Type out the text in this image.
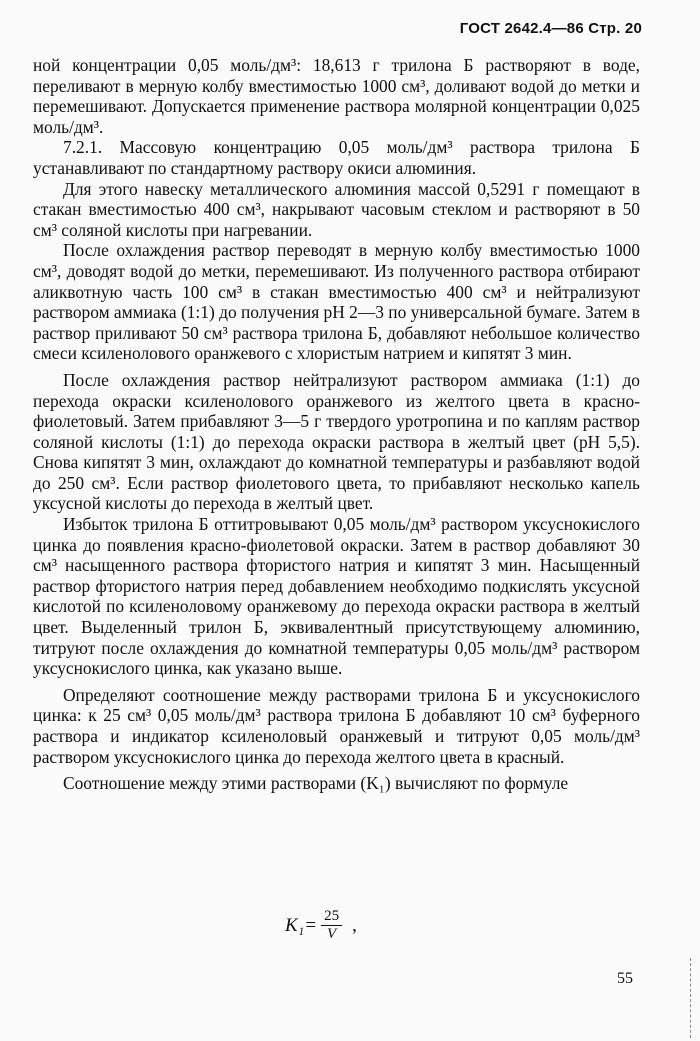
ГОСТ 2642.4—86 Стр. 20

ной концентрации 0,05 моль/дм³: 18,613 г трилона Б растворяют в воде, переливают в мерную колбу вместимостью 1000 см³, доливают водой до метки и перемешивают. Допускается применение раствора молярной концентрации 0,025 моль/дм³.

7.2.1. Массовую концентрацию 0,05 моль/дм³ раствора трилона Б устанавливают по стандартному раствору окиси алюминия.

Для этого навеску металлического алюминия массой 0,5291 г помещают в стакан вместимостью 400 см³, накрывают часовым стеклом и растворяют в 50 см³ соляной кислоты при нагревании.

После охлаждения раствор переводят в мерную колбу вместимостью 1000 см³, доводят водой до метки, перемешивают. Из полученного раствора отбирают аликвотную часть 100 см³ в стакан вместимостью 400 см³ и нейтрализуют раствором аммиака (1:1) до получения pH 2—3 по универсальной бумаге. Затем в раствор приливают 50 см³ раствора трилона Б, добавляют небольшое количество смеси ксиленолового оранжевого с хлористым натрием и кипятят 3 мин.

После охлаждения раствор нейтрализуют раствором аммиака (1:1) до перехода окраски ксиленолового оранжевого из желтого цвета в красно-фиолетовый. Затем прибавляют 3—5 г твердого уротропина и по каплям раствор соляной кислоты (1:1) до перехода окраски раствора в желтый цвет (pH 5,5). Снова кипятят 3 мин, охлаждают до комнатной температуры и разбавляют водой до 250 см³. Если раствор фиолетового цвета, то прибавляют несколько капель уксусной кислоты до перехода в желтый цвет.

Избыток трилона Б оттитровывают 0,05 моль/дм³ раствором уксуснокислого цинка до появления красно-фиолетовой окраски. Затем в раствор добавляют 30 см³ насыщенного раствора фтористого натрия и кипятят 3 мин. Насыщенный раствор фтористого натрия перед добавлением необходимо подкислять уксусной кислотой по ксиленоловому оранжевому до перехода окраски раствора в желтый цвет. Выделенный трилон Б, эквивалентный присутствующему алюминию, титруют после охлаждения до комнатной температуры 0,05 моль/дм³ раствором уксуснокислого цинка, как указано выше.

Определяют соотношение между растворами трилона Б и уксуснокислого цинка: к 25 см³ 0,05 моль/дм³ раствора трилона Б добавляют 10 см³ буферного раствора и индикатор ксиленоловый оранжевый и титруют 0,05 моль/дм³ раствором уксуснокислого цинка до перехода желтого цвета в красный.

Соотношение между этими растворами (K₁) вычисляют по формуле

$K_1= \frac{25}{V}$ ,
55
